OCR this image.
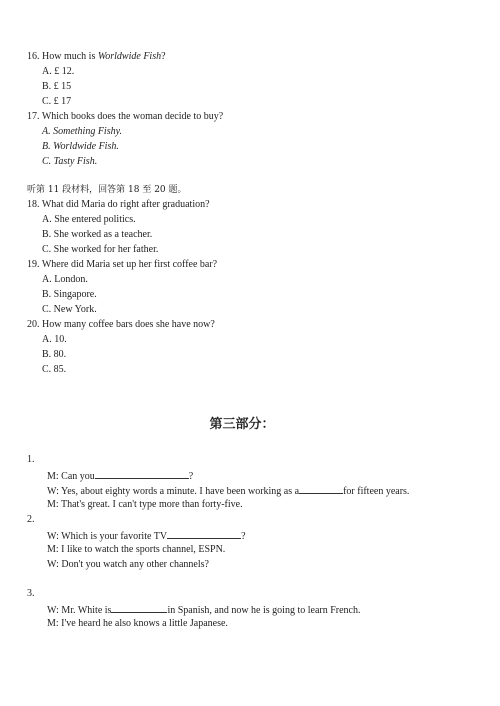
16. How much is Worldwide Fish?
A. £ 12.
B. £ 15
C. £ 17
17. Which books does the woman decide to buy?
A. Something Fishy.
B. Worldwide Fish.
C. Tasty Fish.
听第 11 段材料，回答第 18 至 20 题。
18. What did Maria do right after graduation?
A. She entered politics.
B. She worked as a teacher.
C. She worked for her father.
19. Where did Maria set up her first coffee bar?
A. London.
B. Singapore.
C. New York.
20. How many coffee bars does she have now?
A. 10.
B. 80.
C. 85.
第三部分：
1.
M: Can you	?
W: Yes, about eighty words a minute. I have been working as a	for fifteen years.
M: That's great. I can't type more than forty-five.
2.
W: Which is your favorite TV	?
M: I like to watch the sports channel, ESPN.
W: Don't you watch any other channels?
3.
W: Mr. White is	in Spanish, and now he is going to learn French.
M: I've heard he also knows a little Japanese.
